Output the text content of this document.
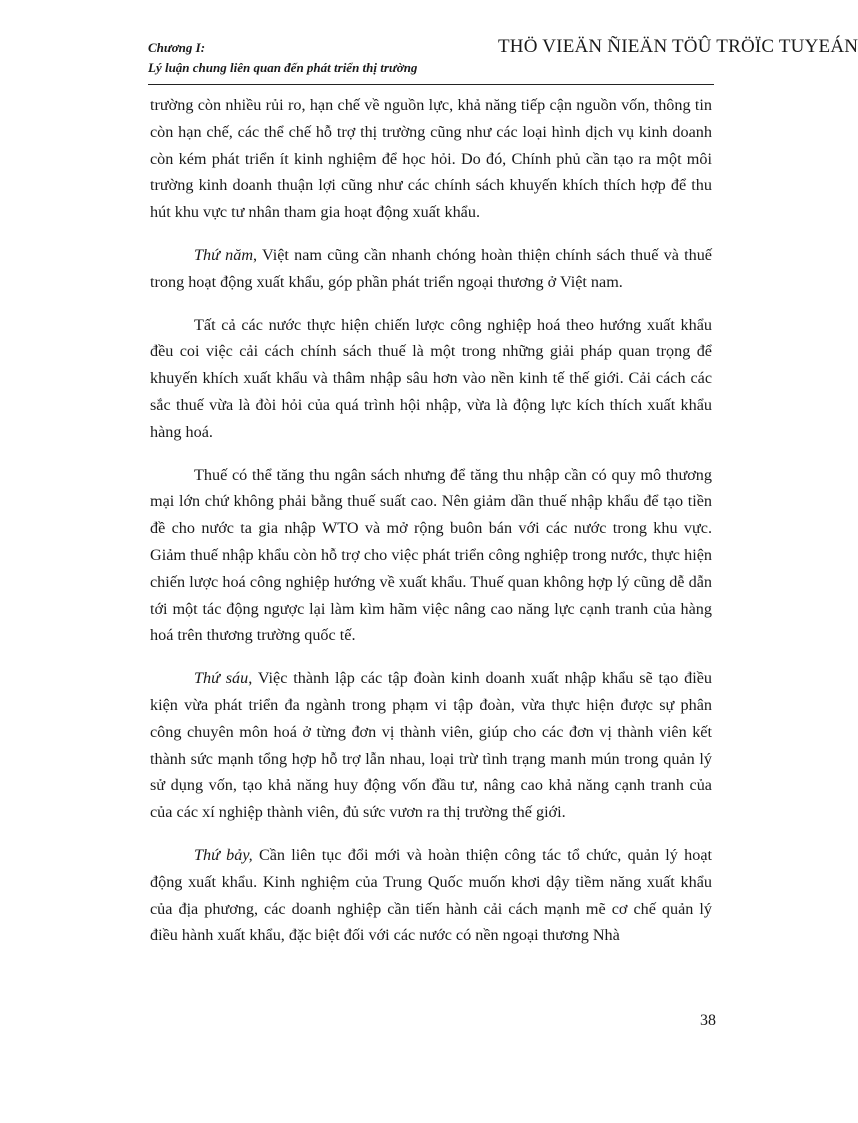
Chương I:
Lý luận chung liên quan đến phát triển thị trường
THÖ VIEÄN ÑIEÄN TÖÛ TRÖÏC TUYEÁN

trường còn nhiều rủi ro, hạn chế về nguồn lực, khả năng tiếp cận nguồn vốn, thông tin còn hạn chế, các thể chế hỗ trợ thị trường cũng như các loại hình dịch vụ kinh doanh còn kém phát triển ít kinh nghiệm để học hỏi. Do đó, Chính phủ cần tạo ra một môi trường kinh doanh thuận lợi cũng như các chính sách khuyến khích thích hợp để thu hút khu vực tư nhân tham gia hoạt động xuất khẩu.

Thứ năm, Việt nam cũng cần nhanh chóng hoàn thiện chính sách thuế và thuế trong hoạt động xuất khẩu, góp phần phát triển ngoại thương ở Việt nam.

Tất cả các nước thực hiện chiến lược công nghiệp hoá theo hướng xuất khẩu đều coi việc cải cách chính sách thuế là một trong những giải pháp quan trọng để khuyến khích xuất khẩu và thâm nhập sâu hơn vào nền kinh tế thế giới. Cải cách các sắc thuế vừa là đòi hỏi của quá trình hội nhập, vừa là động lực kích thích xuất khẩu hàng hoá.

Thuế có thể tăng thu ngân sách nhưng để tăng thu nhập cần có quy mô thương mại lớn chứ không phải bằng thuế suất cao. Nên giảm dần thuế nhập khẩu để tạo tiền đề cho nước ta gia nhập WTO và mở rộng buôn bán với các nước trong khu vực. Giảm thuế nhập khẩu còn hỗ trợ cho việc phát triển công nghiệp trong nước, thực hiện chiến lược hoá công nghiệp hướng về xuất khẩu. Thuế quan không hợp lý cũng dễ dẫn tới một tác động ngược lại làm kìm hãm việc nâng cao năng lực cạnh tranh của hàng hoá trên thương trường quốc tế.

Thứ sáu, Việc thành lập các tập đoàn kinh doanh xuất nhập khẩu sẽ tạo điều kiện vừa phát triển đa ngành trong phạm vi tập đoàn, vừa thực hiện được sự phân công chuyên môn hoá ở từng đơn vị thành viên, giúp cho các đơn vị thành viên kết thành sức mạnh tổng hợp hỗ trợ lẫn nhau, loại trừ tình trạng manh mún trong quản lý sử dụng vốn, tạo khả năng huy động vốn đầu tư, nâng cao khả năng cạnh tranh của của các xí nghiệp thành viên, đủ sức vươn ra thị trường thế giới.

Thứ bảy, Cần liên tục đổi mới và hoàn thiện công tác tổ chức, quản lý hoạt động xuất khẩu. Kinh nghiệm của Trung Quốc muốn khơi dậy tiềm năng xuất khẩu của địa phương, các doanh nghiệp cần tiến hành cải cách mạnh mẽ cơ chế quản lý điều hành xuất khẩu, đặc biệt đối với các nước có nền ngoại thương Nhà

38
